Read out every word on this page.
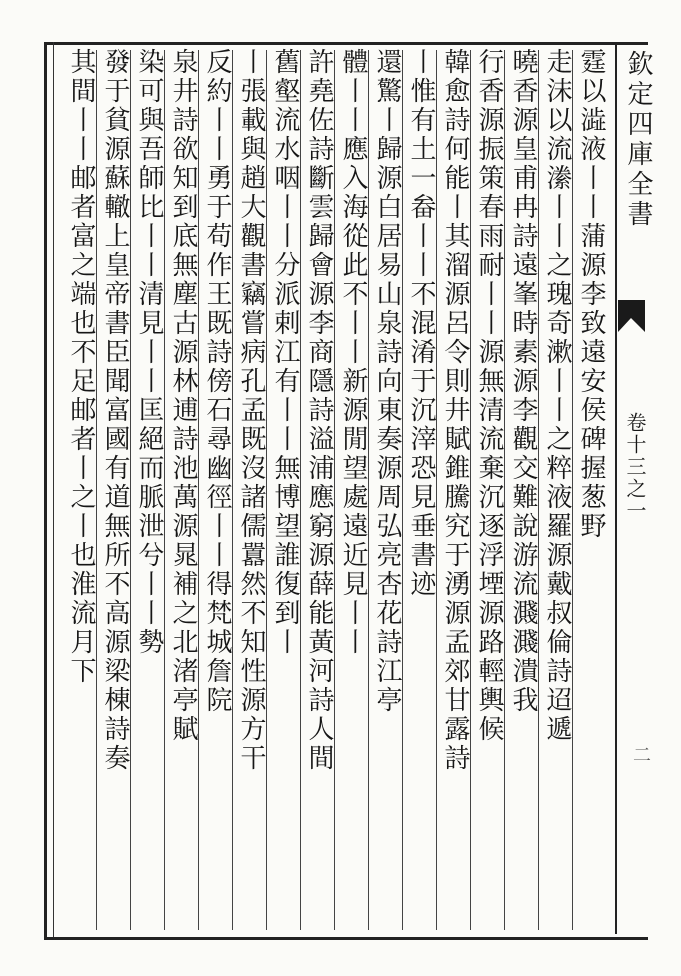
欽定四庫全書
卷十三之一
二
霆以澁液丨丨蒲源李致遠安侯碑握葱野
走沫以流潫丨丨之瑰奇漱丨丨之粹液羅源戴叔倫詩迢遞
曉香源皇甫冉詩遠峯時素源李觀交難說游流濺濺潰我
行香源振策春雨耐丨丨源無清流棄沉逐浮堙源路輕輿候
韓愈詩何能丨其溜源呂令則井賦錐騰究于湧源孟郊甘露詩
丨惟有土一畚丨丨不混淆于沉滓恐見垂書迹
還驚丨歸源白居易山泉詩向東奏源周弘亮杏花詩江亭
體丨丨應入海從此不丨丨新源閒望處遠近見丨丨
許堯佐詩斷雲歸會源李商隱詩溢浦應窮源薛能黃河詩人間
舊壑流水咽丨丨分派剌江有丨丨無博望誰復到丨
丨張載與趙大觀書竊嘗病孔孟既沒諸儒囂然不知性源方干
反約丨丨勇于苟作王既詩傍石尋幽徑丨丨得梵城詹院
泉井詩欲知到底無塵古源林逋詩池萬源晁補之北渚亭賦
染可與吾師比丨丨清見丨丨匡絕而脈泄兮丨丨勢
發于貧源蘇轍上皇帝書臣聞富國有道無所不高源梁棟詩奏
其間丨丨邮者富之端也不足邮者丨之丨也淮流月下
